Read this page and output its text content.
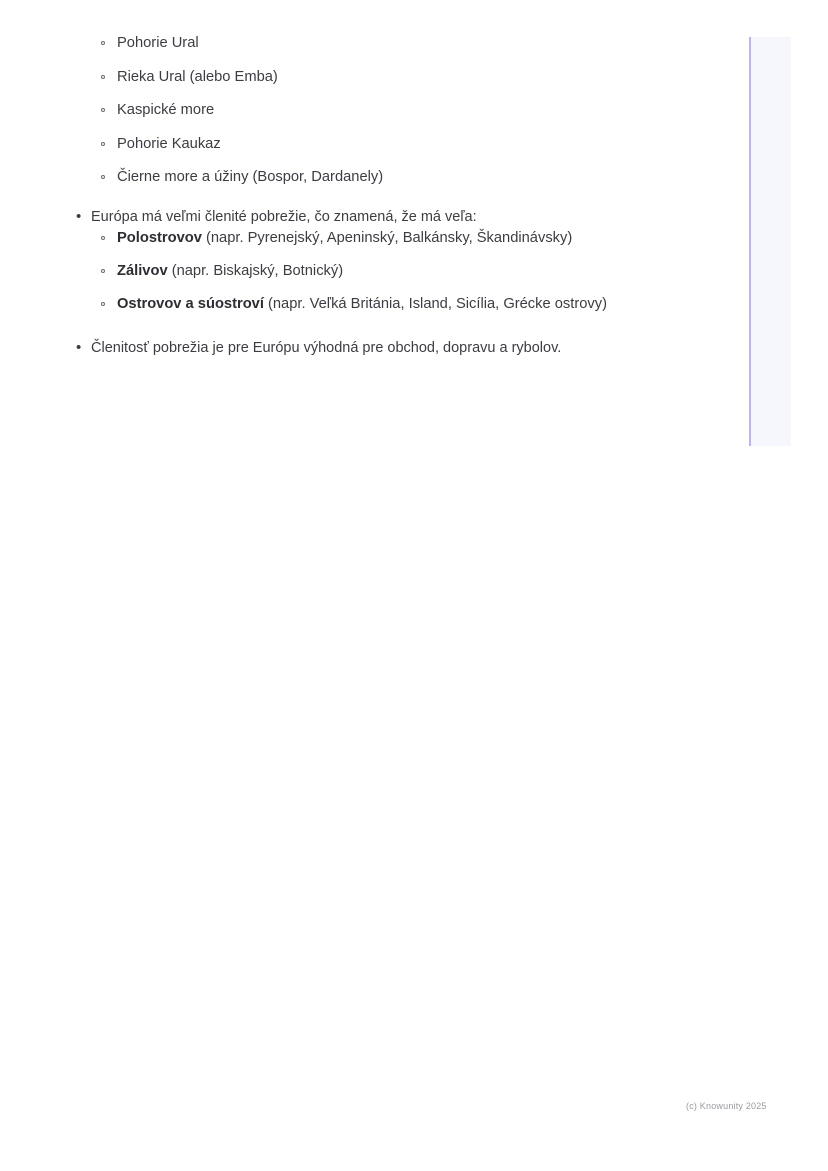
Pohorie Ural
Rieka Ural (alebo Emba)
Kaspické more
Pohorie Kaukaz
Čierne more a úžiny (Bospor, Dardanely)
• Európa má veľmi členité pobrežie, čo znamená, že má veľa:
Polostrovov (napr. Pyrenejský, Apeninský, Balkánsky, Škandinávsky)
Zálivov (napr. Biskajský, Botnický)
Ostrovov a súostroví (napr. Veľká Británia, Island, Sicília, Grécke ostrovy)
• Členitosť pobrežia je pre Európu výhodná pre obchod, dopravu a rybolov.
(c) Knowunity 2025
